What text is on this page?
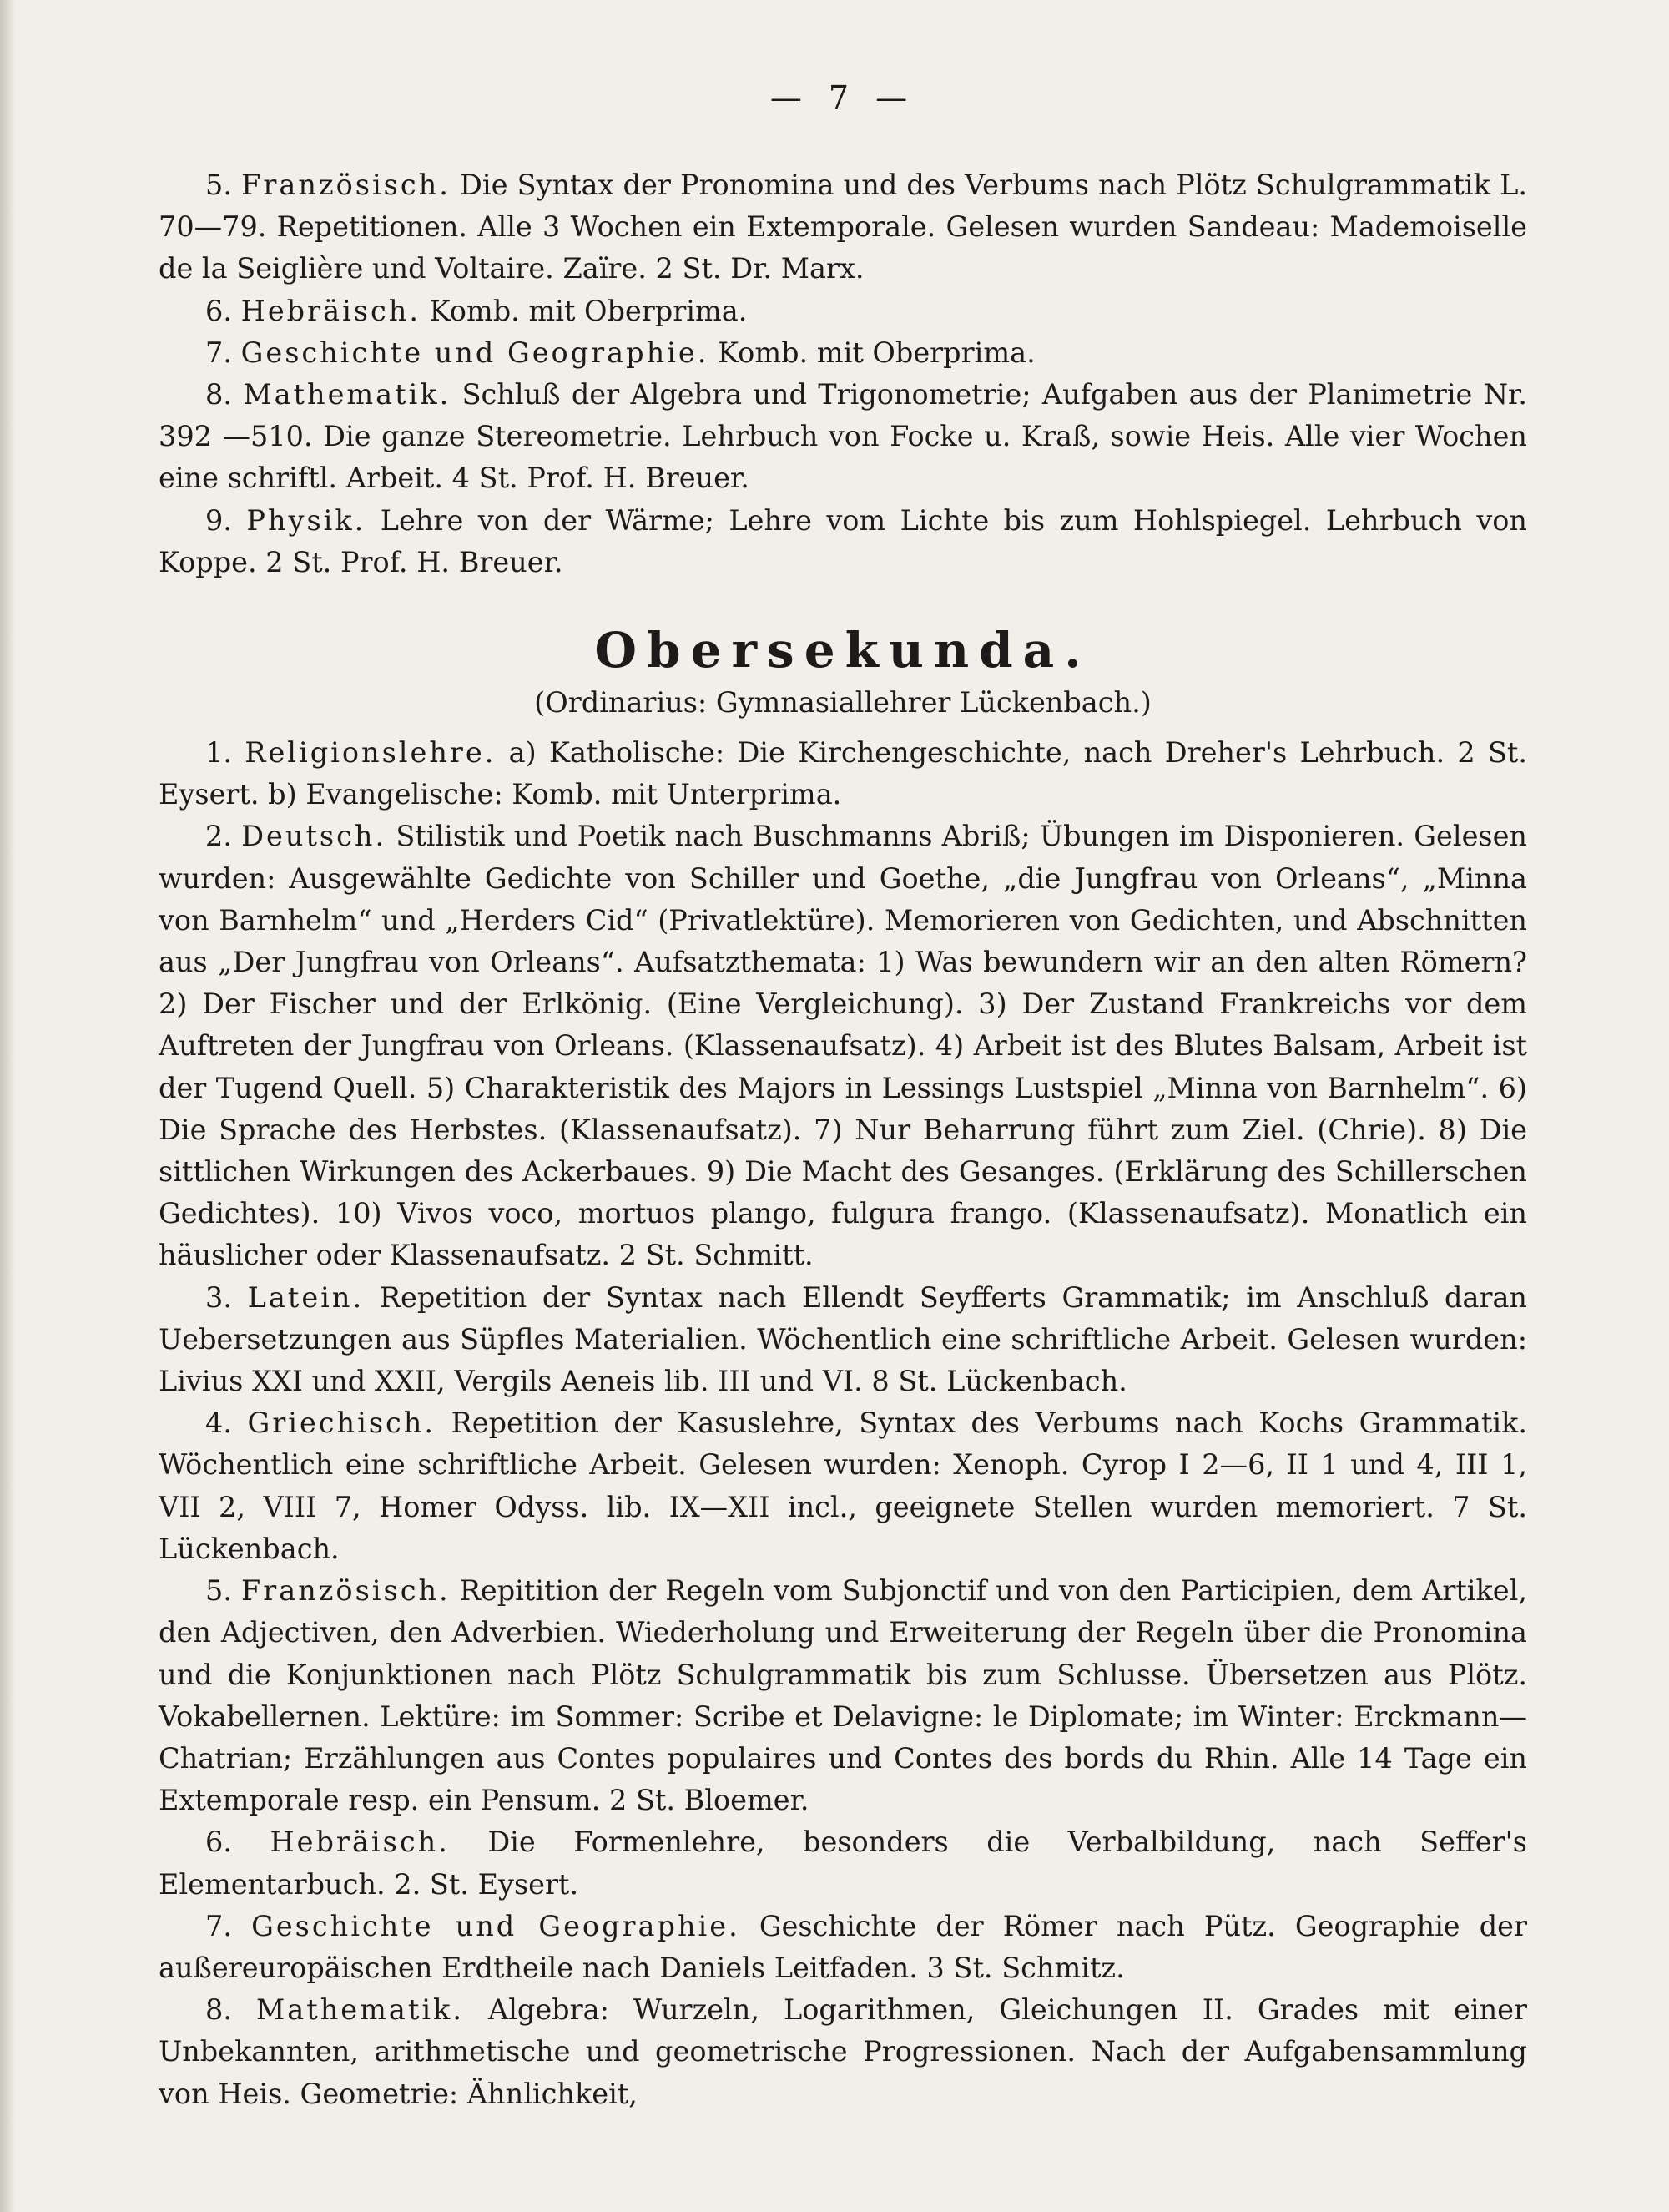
— 7 —

5. Französisch. Die Syntax der Pronomina und des Verbums nach Plötz Schulgrammatik L. 70—79. Repetitionen. Alle 3 Wochen ein Extemporale. Gelesen wurden Sandeau: Mademoiselle de la Seiglière und Voltaire. Zaïre. 2 St. Dr. Marx.

6. Hebräisch. Komb. mit Oberprima.

7. Geschichte und Geographie. Komb. mit Oberprima.

8. Mathematik. Schluß der Algebra und Trigonometrie; Aufgaben aus der Planimetrie Nr. 392 —510. Die ganze Stereometrie. Lehrbuch von Focke u. Kraß, sowie Heis. Alle vier Wochen eine schriftl. Arbeit. 4 St. Prof. H. Breuer.

9. Physik. Lehre von der Wärme; Lehre vom Lichte bis zum Hohlspiegel. Lehrbuch von Koppe. 2 St. Prof. H. Breuer.

Obersekunda.
(Ordinarius: Gymnasiallehrer Lückenbach.)

1. Religionslehre. a) Katholische: Die Kirchengeschichte, nach Dreher's Lehrbuch. 2 St. Eysert. b) Evangelische: Komb. mit Unterprima.

2. Deutsch. Stilistik und Poetik nach Buschmanns Abriß; Übungen im Disponieren. Gelesen wurden: Ausgewählte Gedichte von Schiller und Goethe, „die Jungfrau von Orleans“, „Minna von Barnhelm“ und „Herders Cid“ (Privatlektüre). Memorieren von Gedichten, und Abschnitten aus „Der Jungfrau von Orleans“. Aufsatzthemata: 1) Was bewundern wir an den alten Römern? 2) Der Fischer und der Erlkönig. (Eine Vergleichung). 3) Der Zustand Frankreichs vor dem Auftreten der Jungfrau von Orleans. (Klassenaufsatz). 4) Arbeit ist des Blutes Balsam, Arbeit ist der Tugend Quell. 5) Charakteristik des Majors in Lessings Lustspiel „Minna von Barnhelm“. 6) Die Sprache des Herbstes. (Klassenaufsatz). 7) Nur Beharrung führt zum Ziel. (Chrie). 8) Die sittlichen Wirkungen des Ackerbaues. 9) Die Macht des Gesanges. (Erklärung des Schillerschen Gedichtes). 10) Vivos voco, mortuos plango, fulgura frango. (Klassenaufsatz). Monatlich ein häuslicher oder Klassenaufsatz. 2 St. Schmitt.

3. Latein. Repetition der Syntax nach Ellendt Seyfferts Grammatik; im Anschluß daran Uebersetzungen aus Süpfles Materialien. Wöchentlich eine schriftliche Arbeit. Gelesen wurden: Livius XXI und XXII, Vergils Aeneis lib. III und VI. 8 St. Lückenbach.

4. Griechisch. Repetition der Kasuslehre, Syntax des Verbums nach Kochs Grammatik. Wöchentlich eine schriftliche Arbeit. Gelesen wurden: Xenoph. Cyrop I 2—6, II 1 und 4, III 1, VII 2, VIII 7, Homer Odyss. lib. IX—XII incl., geeignete Stellen wurden memoriert. 7 St. Lückenbach.

5. Französisch. Repitition der Regeln vom Subjonctif und von den Participien, dem Artikel, den Adjectiven, den Adverbien. Wiederholung und Erweiterung der Regeln über die Pronomina und die Konjunktionen nach Plötz Schulgrammatik bis zum Schlusse. Übersetzen aus Plötz. Vokabellernen. Lektüre: im Sommer: Scribe et Delavigne: le Diplomate; im Winter: Erckmann—Chatrian; Erzählungen aus Contes populaires und Contes des bords du Rhin. Alle 14 Tage ein Extemporale resp. ein Pensum. 2 St. Bloemer.

6. Hebräisch. Die Formenlehre, besonders die Verbalbildung, nach Seffer's Elementarbuch. 2. St. Eysert.

7. Geschichte und Geographie. Geschichte der Römer nach Pütz. Geographie der außereuropäischen Erdtheile nach Daniels Leitfaden. 3 St. Schmitz.

8. Mathematik. Algebra: Wurzeln, Logarithmen, Gleichungen II. Grades mit einer Unbekannten, arithmetische und geometrische Progressionen. Nach der Aufgabensammlung von Heis. Geometrie: Ähnlichkeit,
